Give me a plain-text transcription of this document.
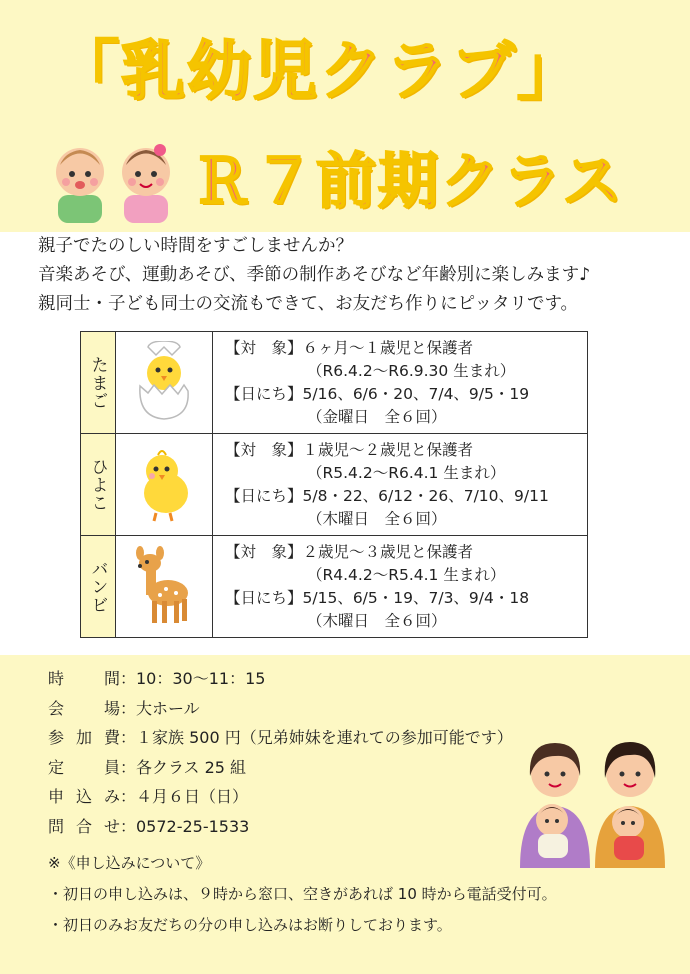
「乳幼児クラブ」
Ｒ７前期クラス

親子でたのしい時間をすごしませんか？

音楽あそび、運動あそび、季節の制作あそびなど年齢別に楽しみます♪

親同士・子ども同士の交流もできて、お友だち作りにピッタリです。

たまご		【対　象】６ヶ月～１歳児と保護者
（R6.4.2～R6.9.30 生まれ）
【日にち】5/16、6/6・20、7/4、9/5・19
（金曜日　全６回）

ひよこ		【対　象】１歳児～２歳児と保護者
（R5.4.2～R6.4.1 生まれ）
【日にち】5/8・22、6/12・26、7/10、9/11
（木曜日　全６回）

バンビ		【対　象】２歳児～３歳児と保護者
（R4.4.2～R5.4.1 生まれ）
【日にち】5/15、6/5・19、7/3、9/4・18
（木曜日　全６回）
時　間 ：10：30～11：15
会　場 ：大ホール
参加費 ：１家族 500 円（兄弟姉妹を連れての参加可能です）
定　員 ：各クラス 25 組
申込み ：４月６日（日）
問合せ ：0572-25-1533
※《申し込みについて》
・初日の申し込みは、９時から窓口、空きがあれば 10 時から電話受付可。
・初日のみお友だちの分の申し込みはお断りしております。
